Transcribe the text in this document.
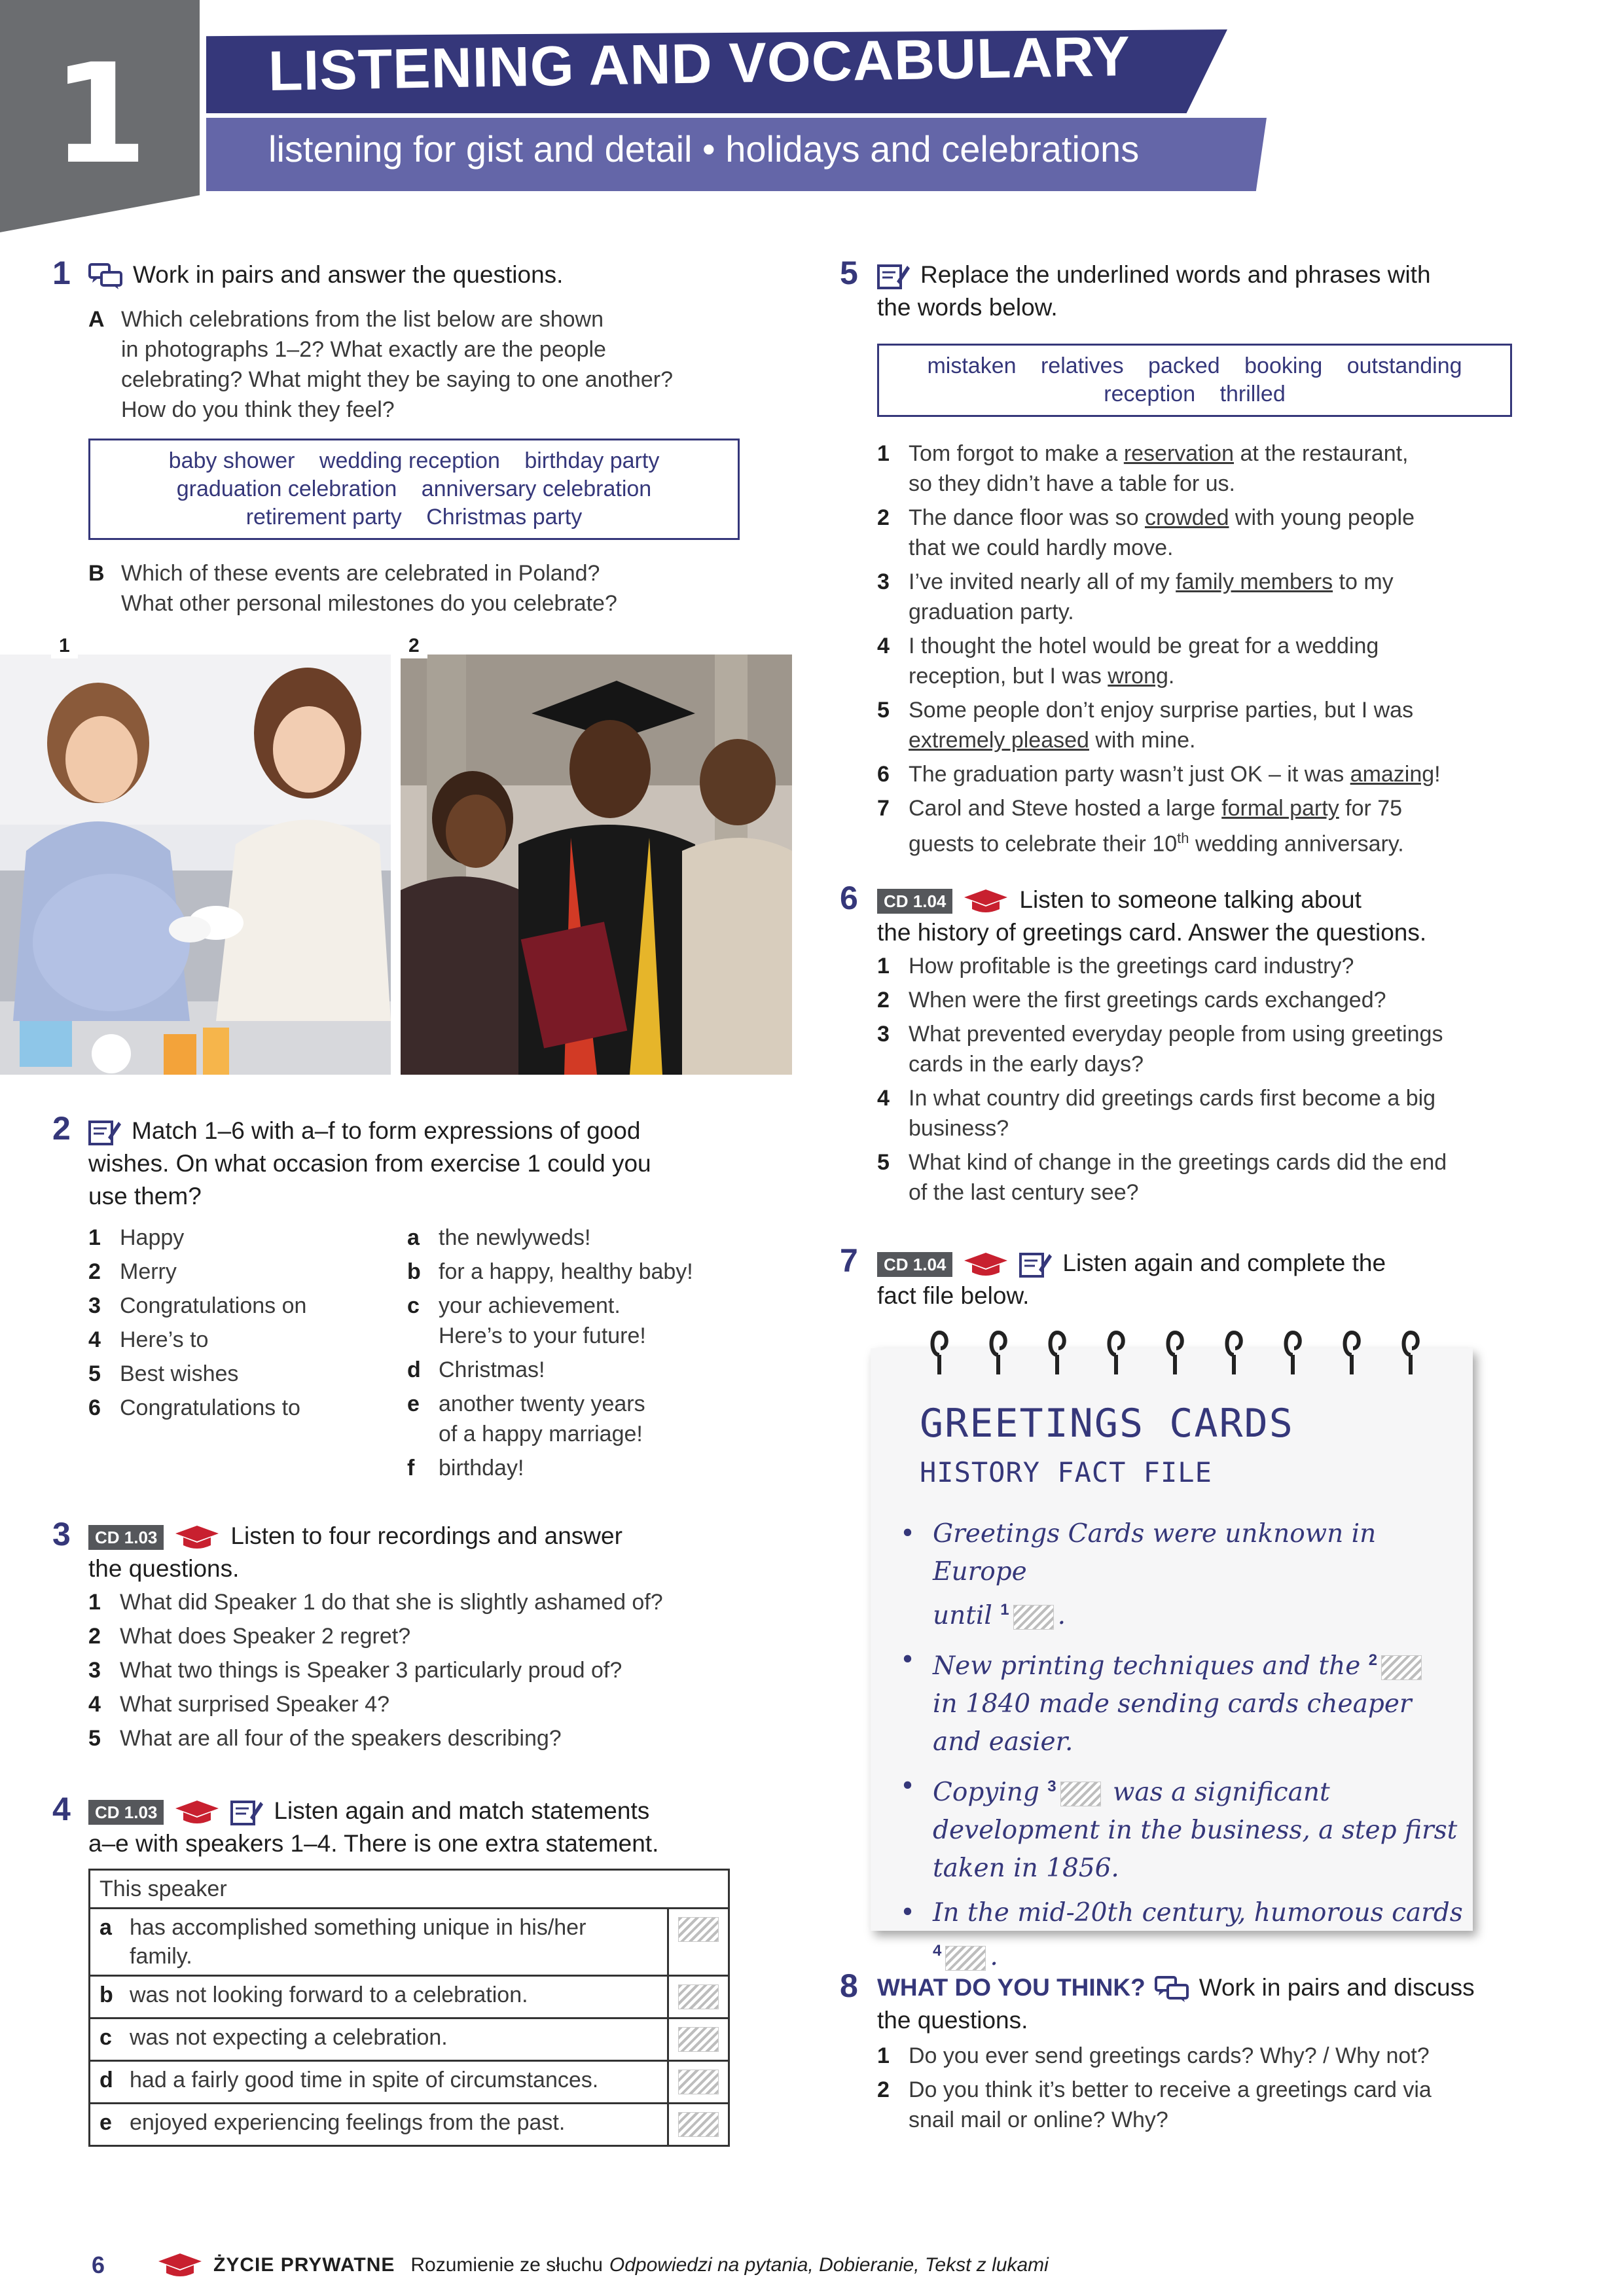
1	LISTENING AND VOCABULARY
listening for gist and detail • holidays and celebrations
1	Work in pairs and answer the questions.
A Which celebrations from the list below are shown
in photographs 1–2? What exactly are the people
celebrating? What might they be saying to one another?
How do you think they feel?
baby shower wedding reception birthday party
graduation celebration anniversary celebration
retirement party Christmas party
B Which of these events are celebrated in Poland?
What other personal milestones do you celebrate?
1	2
2	Match 1–6 with a–f to form expressions of good
wishes. On what occasion from exercise 1 could you
use them?
1 Happy
2 Merry
3 Congratulations on
4 Here’s to
5 Best wishes
6 Congratulations to
a the newlyweds!
b for a happy, healthy baby!
c your achievement.
Here’s to your future!
d Christmas!
e another twenty years
of a happy marriage!
f	birthday!
3	CD 1.03	Listen to four recordings and answer
the questions.
1 What did Speaker 1 do that she is slightly ashamed of?
2 What does Speaker 2 regret?
3 What two things is Speaker 3 particularly proud of?
4 What surprised Speaker 4?
5 What are all four of the speakers describing?
4	CD 1.03	Listen again and match statements
a–e with speakers 1–4. There is one extra statement.
This speaker	

a has accomplished something unique in his/her
family.	

b was not looking forward to a celebration.	

c was not expecting a celebration.	

d had a fairly good time in spite of circumstances.	

e enjoyed experiencing feelings from the past.	

5	Replace the underlined words and phrases with
the words below.
mistaken relatives packed booking outstanding
reception thrilled
1 Tom forgot to make a reservation at the restaurant,
so they didn’t have a table for us.
2 The dance floor was so crowded with young people
that we could hardly move.
3 I’ve invited nearly all of my family members to my
graduation party.
4 I thought the hotel would be great for a wedding
reception, but I was wrong.
5 Some people don’t enjoy surprise parties, but I was
extremely pleased with mine.
6 The graduation party wasn’t just OK – it was amazing!
7 Carol and Steve hosted a large formal party for 75
guests to celebrate their 10th wedding anniversary.
6	CD 1.04	Listen to someone talking about
the history of greetings card. Answer the questions.
1 How profitable is the greetings card industry?
2 When were the first greetings cards exchanged?
3 What prevented everyday people from using greetings
cards in the early days?
4 In what country did greetings cards first become a big
business?
5 What kind of change in the greetings cards did the end
of the last century see?
7	CD 1.04	Listen again and complete the
fact file below.
GREETINGS CARDS
HISTORY FACT FILE
• Greetings Cards were unknown in Europe
until $^1$ .
• New printing techniques and the $^2$
in 1840 made sending cards cheaper
and easier.
• Copying $^3$ was a significant
development in the business, a step first
taken in 1856.
• In the mid-20th century, humorous cards
$^4$ .
8 WHAT DO YOU THINK? Work in pairs and discuss
the questions.
1 Do you ever send greetings cards? Why? / Why not?
2 Do you think it’s better to receive a greetings card via
snail mail or online? Why?
6	ŻYCIE PRYWATNE Rozumienie ze słuchu Odpowiedzi na pytania, Dobieranie, Tekst z lukami
